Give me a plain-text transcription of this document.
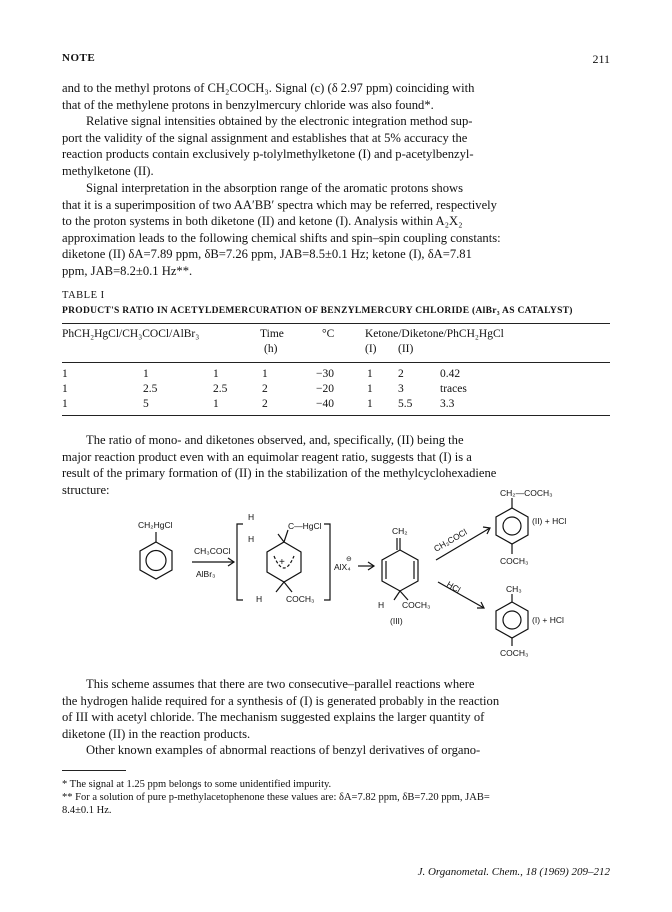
NOTE	211
and to the methyl protons of CH₂COCH₃. Signal (c) (δ 2.97 ppm) coinciding with
that of the methylene protons in benzylmercury chloride was also found*.
Relative signal intensities obtained by the electronic integration method sup-
port the validity of the signal assignment and establishes that at 5% accuracy the
reaction products contain exclusively p-tolylmethylketone (I) and p-acetylbenzyl-
methylketone (II).
Signal interpretation in the absorption range of the aromatic protons shows
that it is a superimposition of two AA′BB′ spectra which may be referred, respectively
to the proton systems in both diketone (II) and ketone (I). Analysis within A₂X₂
approximation leads to the following chemical shifts and spin–spin coupling constants:
diketone (II) δA=7.89 ppm, δB=7.26 ppm, JAB=8.5±0.1 Hz; ketone (I), δA=7.81
ppm, JAB=8.2±0.1 Hz**.
TABLE I
PRODUCT'S RATIO IN ACETYLDEMERCURATION OF BENZYLMERCURY CHLORIDE (AlBr₃ AS CATALYST)
PhCH₂HgCl/CH₃COCl/AlBr₃	Time
(h)
°C	Ketone/Diketone/PhCH₂HgCl
(I) (II)
1	1	1	1	−30	1 2	0.42
1	2.5	2.5	2	−20	1 3	traces
1	5	1	2	−40	1 5.5 3.3
The ratio of mono- and diketones observed, and, specifically, (II) being the
major reaction product even with an equimolar reagent ratio, suggests that (I) is a
result of the primary formation of (II) in the stabilization of the methylcyclohexadiene
structure:
CH₂HgCl
CH₃COCl
AlBr₃
H
C—HgCl
H
+
H	COCH₃
AlX₄
⊖
CH₂
H COCH₃
(III)
CH₃COCl
HCl
CH₂—COCH₃
(II) + HCl
COCH₃
CH₃
(I) + HCl
COCH₃
This scheme assumes that there are two consecutive–parallel reactions where
the hydrogen halide required for a synthesis of (I) is generated probably in the reaction
of III with acetyl chloride. The mechanism suggested explains the larger quantity of
diketone (II) in the reaction products.
Other known examples of abnormal reactions of benzyl derivatives of organo-
* The signal at 1.25 ppm belongs to some unidentified impurity.
** For a solution of pure p-methylacetophenone these values are: δA=7.82 ppm, δB=7.20 ppm, JAB=
8.4±0.1 Hz.
J. Organometal. Chem., 18 (1969) 209–212
